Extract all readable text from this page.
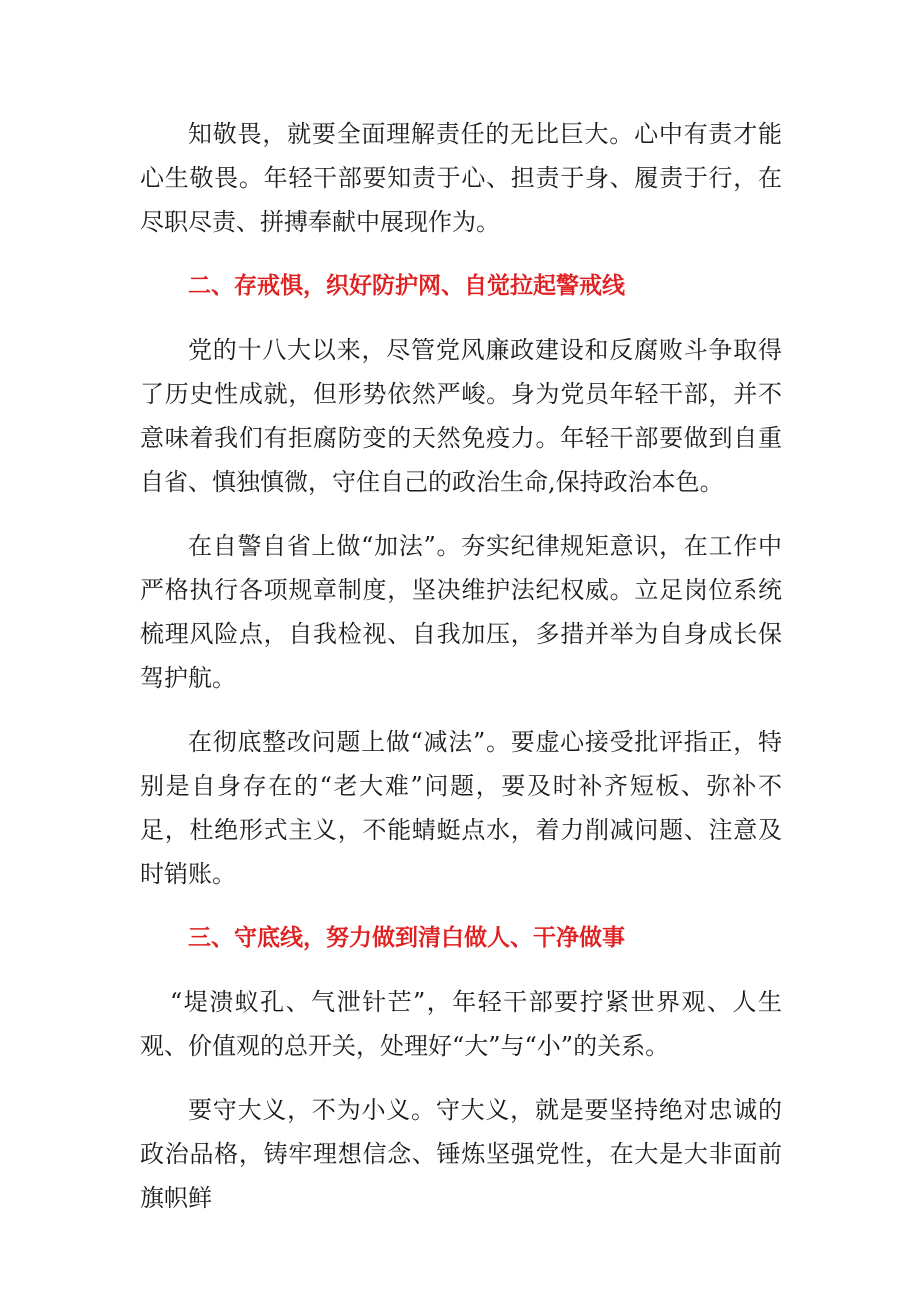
知敬畏，就要全面理解责任的无比巨大。心中有责才能心生敬畏。年轻干部要知责于心、担责于身、履责于行，在尽职尽责、拼搏奉献中展现作为。

二、存戒惧，织好防护网、自觉拉起警戒线

党的十八大以来，尽管党风廉政建设和反腐败斗争取得了历史性成就，但形势依然严峻。身为党员年轻干部，并不意味着我们有拒腐防变的天然免疫力。年轻干部要做到自重自省、慎独慎微，守住自己的政治生命,保持政治本色。

在自警自省上做“加法”。夯实纪律规矩意识，在工作中严格执行各项规章制度，坚决维护法纪权威。立足岗位系统梳理风险点，自我检视、自我加压，多措并举为自身成长保驾护航。

在彻底整改问题上做“减法”。要虚心接受批评指正，特别是自身存在的“老大难”问题，要及时补齐短板、弥补不足，杜绝形式主义，不能蜻蜓点水，着力削减问题、注意及时销账。

三、守底线，努力做到清白做人、干净做事

“堤溃蚁孔、气泄针芒”，年轻干部要拧紧世界观、人生观、价值观的总开关，处理好“大”与“小”的关系。

要守大义，不为小义。守大义，就是要坚持绝对忠诚的政治品格，铸牢理想信念、锤炼坚强党性，在大是大非面前旗帜鲜
